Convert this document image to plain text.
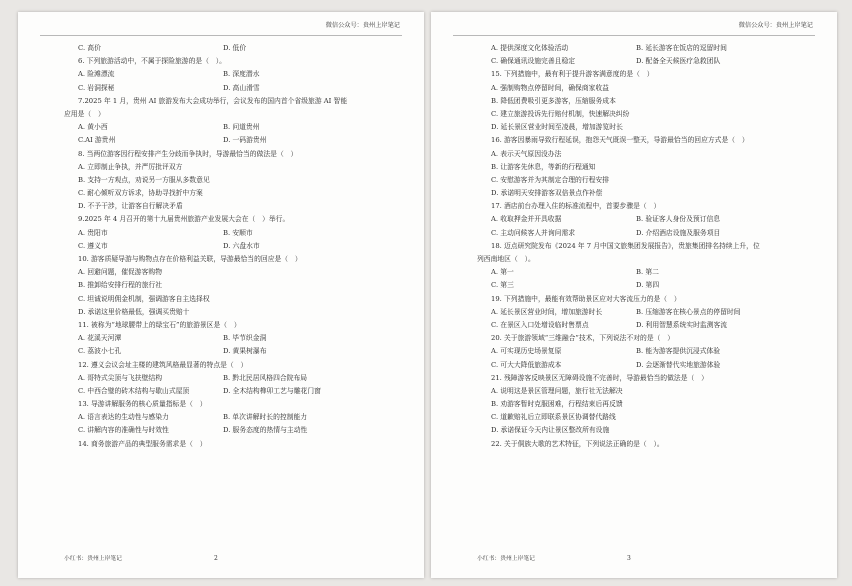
微信公众号：贵州上岸笔记
C. 高价	D. 低价
6. 下列旅游活动中，不属于探险旅游的是（　）。
A. 险滩漂流	B. 深度潜水
C. 岩洞探秘	D. 高山滑雪
7.2025 年 1 月，贵州 AI 旅游发布大会成功举行，会议发布的国内首个省级旅游 AI 智能
应用是（　）
A. 黄小西	B. 问道贵州
C.AI 游贵州	D. 一码游贵州
8. 当两位游客因行程安排产生分歧而争执时，导游最恰当的做法是（　）
A. 立即制止争执，并严厉批评双方
B. 支持一方观点，劝说另一方服从多数意见
C. 耐心倾听双方诉求，协助寻找折中方案
D. 不予干涉，让游客自行解决矛盾
9.2025 年 4 月召开的第十九届贵州旅游产业发展大会在（　）举行。
A. 贵阳市	B. 安顺市
C. 遵义市	D. 六盘水市
10. 游客质疑导游与购物点存在价格利益关联，导游最恰当的回应是（　）
A. 回避问题，催促游客购物
B. 推卸给安排行程的旅行社
C. 坦诚说明佣金机制，强调游客自主选择权
D. 承诺这里价格最低，强调买贵赔十
11. 被称为“地球腰带上的绿宝石”的旅游景区是（　）
A. 花溪天河潭	B. 毕节织金洞
C. 荔波小七孔	D. 黄果树瀑布
12. 遵义会议会址主楼的建筑风格最显著的特点是（　）
A. 哥特式尖顶与飞扶壁结构	B. 黔北民居风格四合院布局
C. 中西合璧的砖木结构与歇山式屋顶	D. 全木结构榫卯工艺与雕花门窗
13. 导游讲解服务的核心质量指标是（　）
A. 语言表达的生动性与感染力	B. 单次讲解时长的控制能力
C. 讲解内容的准确性与时效性	D. 服务态度的热情与主动性
14. 商务旅游产品的典型服务需求是（　）
小红书：贵州上岸笔记	2
微信公众号：贵州上岸笔记
A. 提供深度文化体验活动	B. 延长游客在饭店的逗留时间
C. 确保通讯设施完善且稳定	D. 配备全天候医疗急救团队
15. 下列措施中，最有利于提升游客满意度的是（　）
A. 强制购物点停留时间，确保商家收益
B. 降低团费吸引更多游客，压缩服务成本
C. 建立旅游投诉先行赔付机制，快速解决纠纷
D. 延长景区营业时间至凌晨，增加游览时长
16. 游客因暴雨导致行程延误，抱怨天气既误一整天，导游最恰当的回应方式是（　）
A. 表示天气原因没办法
B. 让游客先休息，等新的行程通知
C. 安慰游客并为其制定合理的行程安排
D. 承诺明天安排游客双倍景点作补偿
17. 酒店前台办理入住的标准流程中，首要步骤是（　）
A. 收取押金并开具收据	B. 验证客人身份及预订信息
C. 主动问候客人并询问需求	D. 介绍酒店设施及服务项目
18. 迈点研究院发布《2024 年 7 月中国文旅集团发展报告》，贵旅集团排名持续上升，位
列西南地区（　）。
A. 第一	B. 第二
C. 第三	D. 第四
19. 下列措施中，最能有效帮助景区应对大客流压力的是（　）
A. 延长景区营业时间，增加旅游时长	B. 压缩游客在核心景点的停留时间
C. 在景区入口处增设临时售票点	D. 利用智慧系统实时监测客流
20. 关于旅游领域“三维融合”技术，下列说法不对的是（　）
A. 可实现历史场景复原	B. 能为游客提供沉浸式体验
C. 可大大降低旅游成本	D. 会逐渐替代实地旅游体验
21. 残障游客反映景区无障碍设施不完善时，导游最恰当的做法是（　）
A. 说明这是景区管理问题，旅行社无法解决
B. 劝游客暂时克服困难，行程结束后再反馈
C. 道歉赔礼后立即联系景区协调替代路线
D. 承诺保证今天内让景区整改所有设施
22. 关于侗族大歌的艺术特征，下列说法正确的是（　）。
小红书：贵州上岸笔记	3
